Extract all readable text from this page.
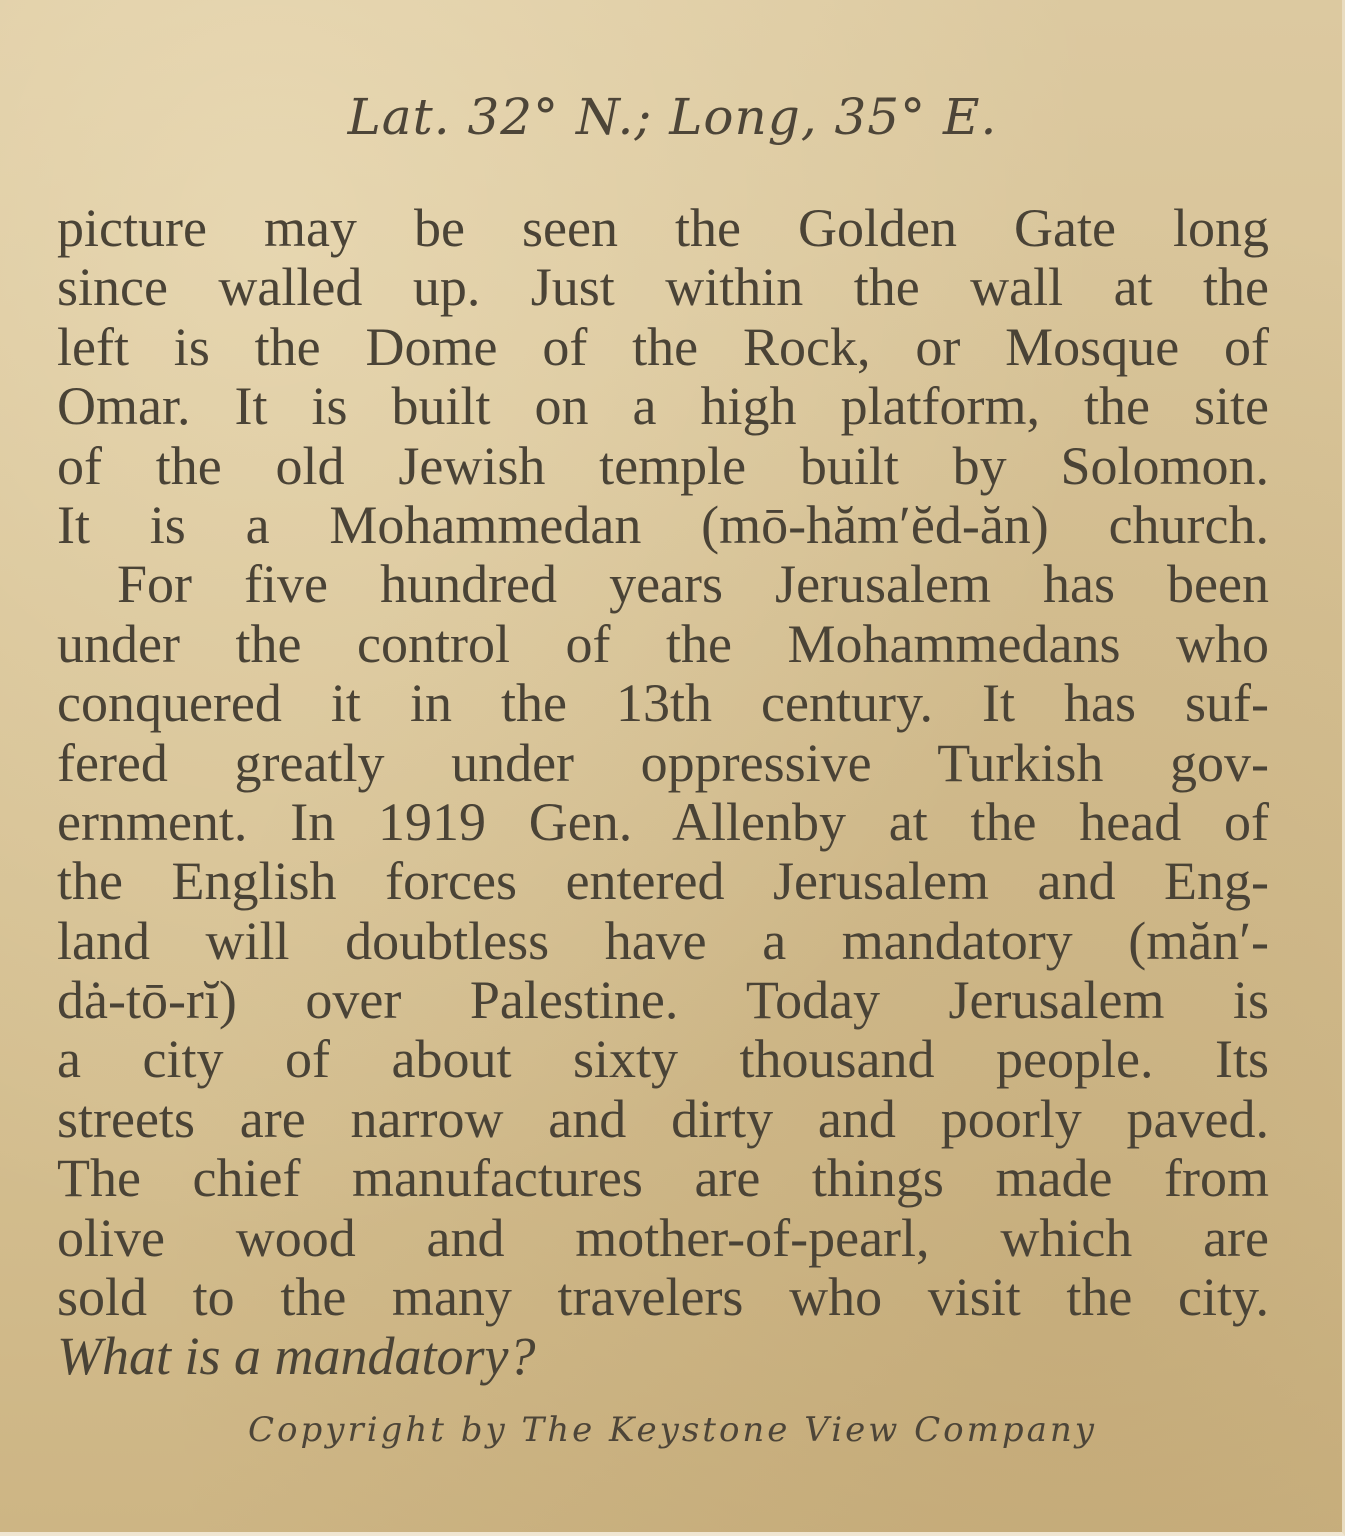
Lat. 32° N.; Long, 35° E.
picture may be seen the Golden Gate long
since walled up. Just within the wall at the
left is the Dome of the Rock, or Mosque of
Omar. It is built on a high platform, the site
of the old Jewish temple built by Solomon.
It is a Mohammedan (mō-hăm′ĕd-ăn) church.
For five hundred years Jerusalem has been
under the control of the Mohammedans who
conquered it in the 13th century. It has suf-
fered greatly under oppressive Turkish gov-
ernment. In 1919 Gen. Allenby at the head of
the English forces entered Jerusalem and Eng-
land will doubtless have a mandatory (măn′-
dȧ-tō-rĭ) over Palestine. Today Jerusalem is
a city of about sixty thousand people. Its
streets are narrow and dirty and poorly paved.
The chief manufactures are things made from
olive wood and mother-of-pearl, which are
sold to the many travelers who visit the city.
What is a mandatory?
Copyright by The Keystone View Company
